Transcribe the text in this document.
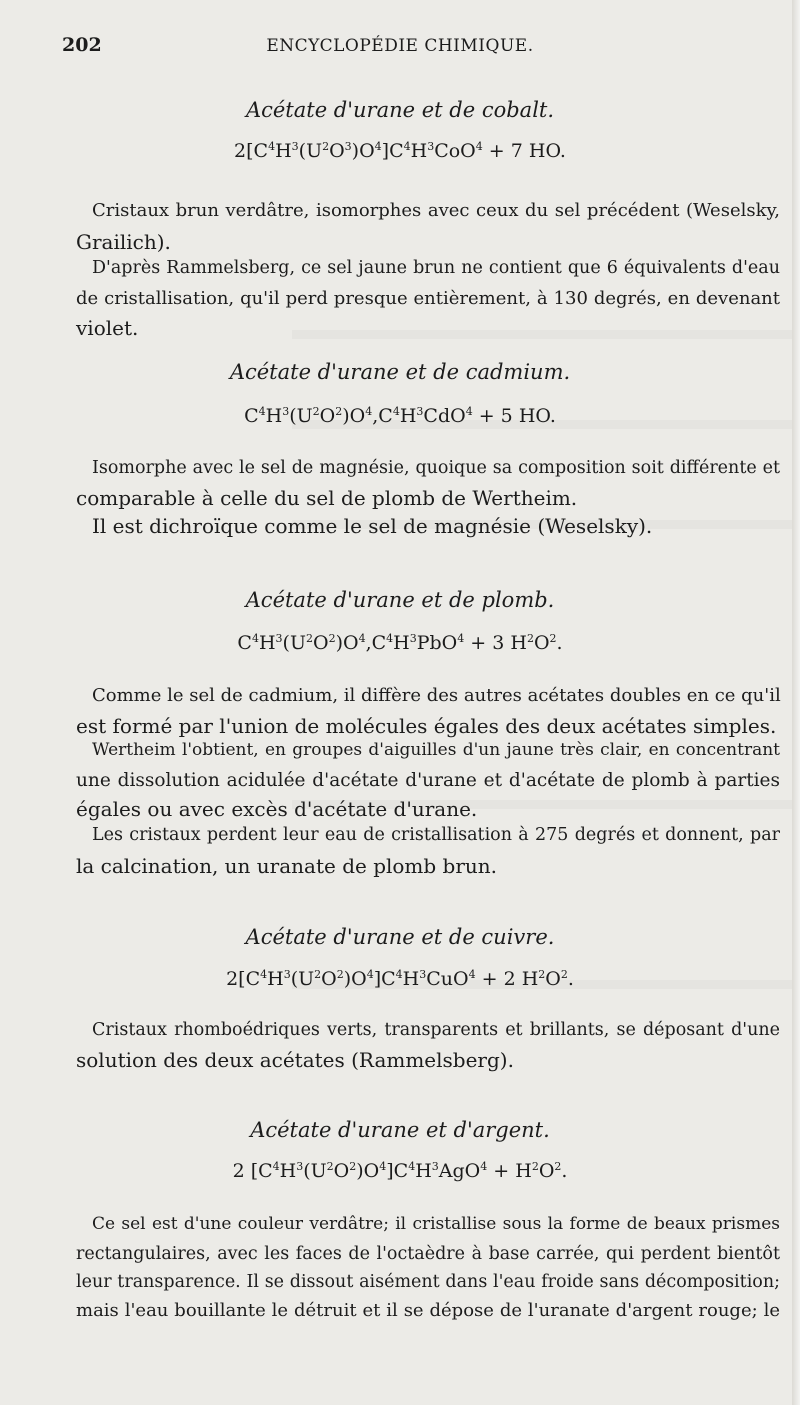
202	ENCYCLOPÉDIE CHIMIQUE.
Acétate d'urane et de cobalt.
$2[C^4H^3(U^2O^3)O^4]C^4H^3CoO^4 + 7$ HO.
Cristaux brun verdâtre, isomorphes avec ceux du sel précédent (Weselsky,
Grailich).
D'après Rammelsberg, ce sel jaune brun ne contient que 6 équivalents d'eau
de cristallisation, qu'il perd presque entièrement, à 130 degrés, en devenant
violet.
Acétate d'urane et de cadmium.
$C^4H^3(U^2O^2)O^4,C^4H^3CdO^4 + 5$ HO.
Isomorphe avec le sel de magnésie, quoique sa composition soit différente et
comparable à celle du sel de plomb de Wertheim.
Il est dichroïque comme le sel de magnésie (Weselsky).
Acétate d'urane et de plomb.
$C^4H^3(U^2O^2)O^4,C^4H^3PbO^4 + 3$ $H^2O^2$.
Comme le sel de cadmium, il diffère des autres acétates doubles en ce qu'il
est formé par l'union de molécules égales des deux acétates simples.
Wertheim l'obtient, en groupes d'aiguilles d'un jaune très clair, en concentrant
une dissolution acidulée d'acétate d'urane et d'acétate de plomb à parties
égales ou avec excès d'acétate d'urane.
Les cristaux perdent leur eau de cristallisation à 275 degrés et donnent, par
la calcination, un uranate de plomb brun.
Acétate d'urane et de cuivre.
$2[C^4H^3(U^2O^2)O^4]C^4H^3CuO^4 + 2$ $H^2O^2$.
Cristaux rhomboédriques verts, transparents et brillants, se déposant d'une
solution des deux acétates (Rammelsberg).
Acétate d'urane et d'argent.
2 $[C^4H^3(U^2O^2)O^4]C^4H^3AgO^4 + H^2O^2$.
Ce sel est d'une couleur verdâtre; il cristallise sous la forme de beaux prismes
rectangulaires, avec les faces de l'octaèdre à base carrée, qui perdent bientôt
leur transparence. Il se dissout aisément dans l'eau froide sans décomposition;
mais l'eau bouillante le détruit et il se dépose de l'uranate d'argent rouge; le
